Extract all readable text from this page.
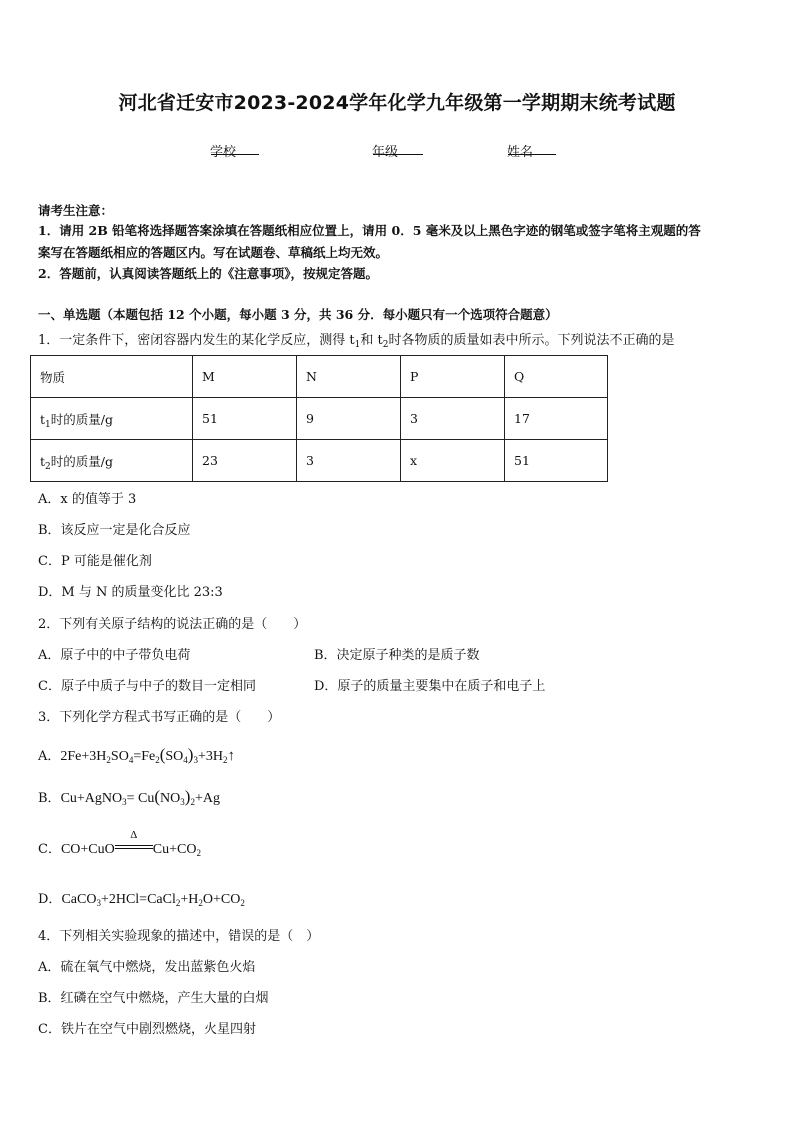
河北省迁安市2023-2024学年化学九年级第一学期期末统考试题
学校	年级	姓名
请考生注意：
1．请用 2B 铅笔将选择题答案涂填在答题纸相应位置上，请用 0．5 毫米及以上黑色字迹的钢笔或签字笔将主观题的答
案写在答题纸相应的答题区内。写在试题卷、草稿纸上均无效。
2．答题前，认真阅读答题纸上的《注意事项》，按规定答题。
一、单选题（本题包括 12 个小题，每小题 3 分，共 36 分．每小题只有一个选项符合题意）
1．一定条件下，密闭容器内发生的某化学反应，测得 $t_1$和 $t_2$时各物质的质量如表中所示。下列说法不正确的是
物质	M	N	P	Q
$t_1$时的质量/g	51	9	3	17
$t_2$时的质量/g	23	3	x	51
A．x 的值等于 3
B．该反应一定是化合反应
C．P 可能是催化剂
D．M 与 N 的质量变化比 23:3
2．下列有关原子结构的说法正确的是（　　）
A．原子中的中子带负电荷	B．决定原子种类的是质子数
C．原子中质子与中子的数目一定相同	D．原子的质量主要集中在质子和电子上
3．下列化学方程式书写正确的是（　　）
A．$2Fe+3H_2SO_4=Fe_2(SO_4)_3+3H_2↑$
B．Cu+AgNO$_3$= $Cu(NO_3)_2+Ag$
C．CO+CuO
Δ
$Cu+CO_2$
D．$CaCO_3+2HCl=CaCl_2+H_2O+CO_2$
4．下列相关实验现象的描述中，错误的是（　）
A．硫在氧气中燃烧，发出蓝紫色火焰
B．红磷在空气中燃烧，产生大量的白烟
C．铁片在空气中剧烈燃烧，火星四射
